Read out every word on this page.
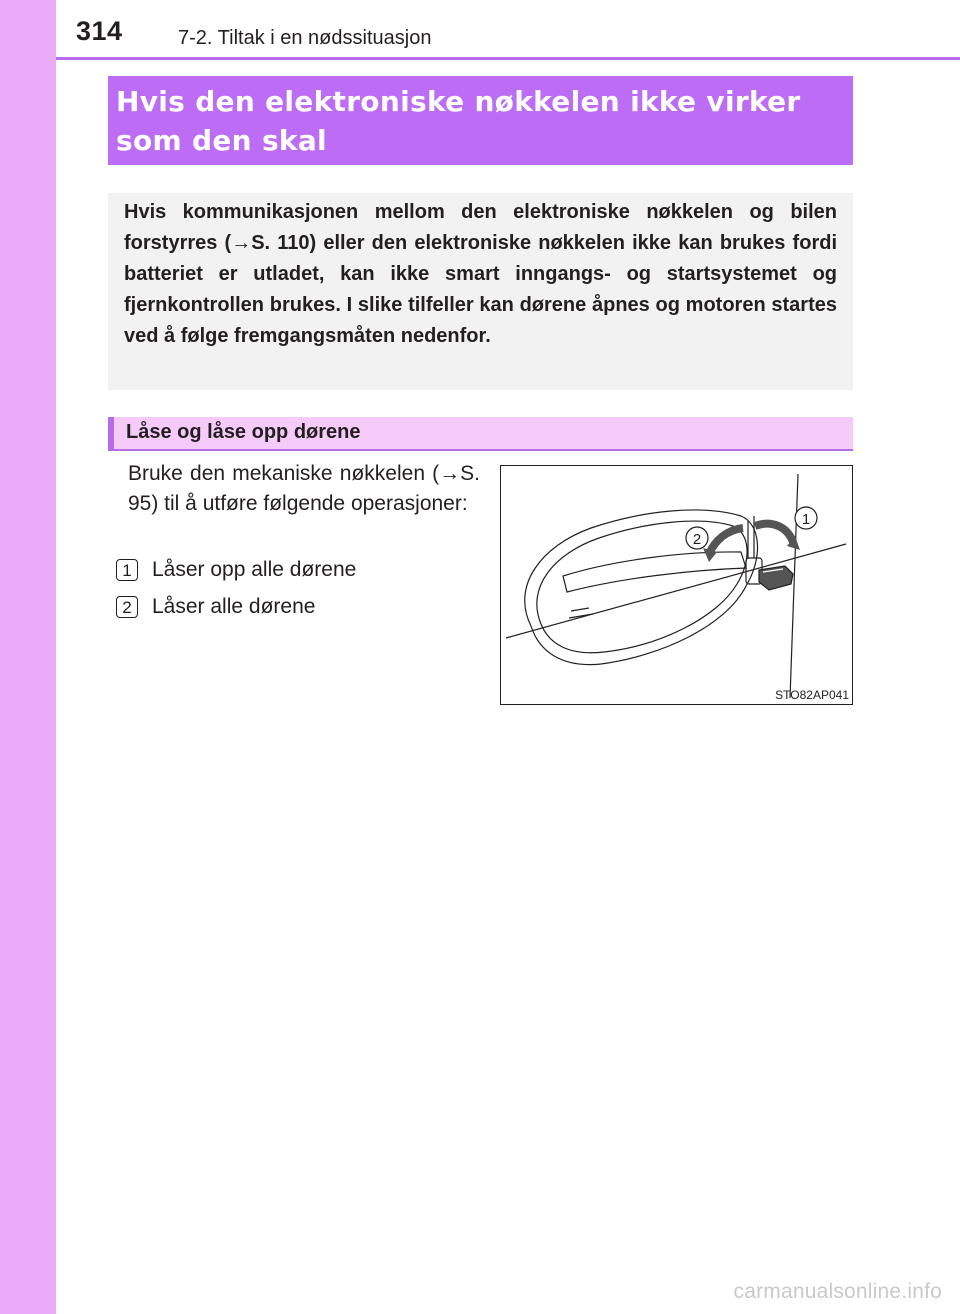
314	7-2. Tiltak i en nødssituasjon
Hvis den elektroniske nøkkelen ikke virker som den skal

Hvis kommunikasjonen mellom den elektroniske nøkkelen og bilen forstyrres (→S. 110) eller den elektroniske nøkkelen ikke kan brukes fordi batteriet er utladet, kan ikke smart inngangs- og startsystemet og fjernkontrollen brukes. I slike tilfeller kan dørene åpnes og motoren startes ved å følge fremgangsmåten nedenfor.

Låse og låse opp dørene

Bruke den mekaniske nøkkelen (→S. 95) til å utføre følgende operasjoner:

1 Låser opp alle dørene
2 Låser alle dørene
1
2
STO82AP041
carmanualsonline.info
